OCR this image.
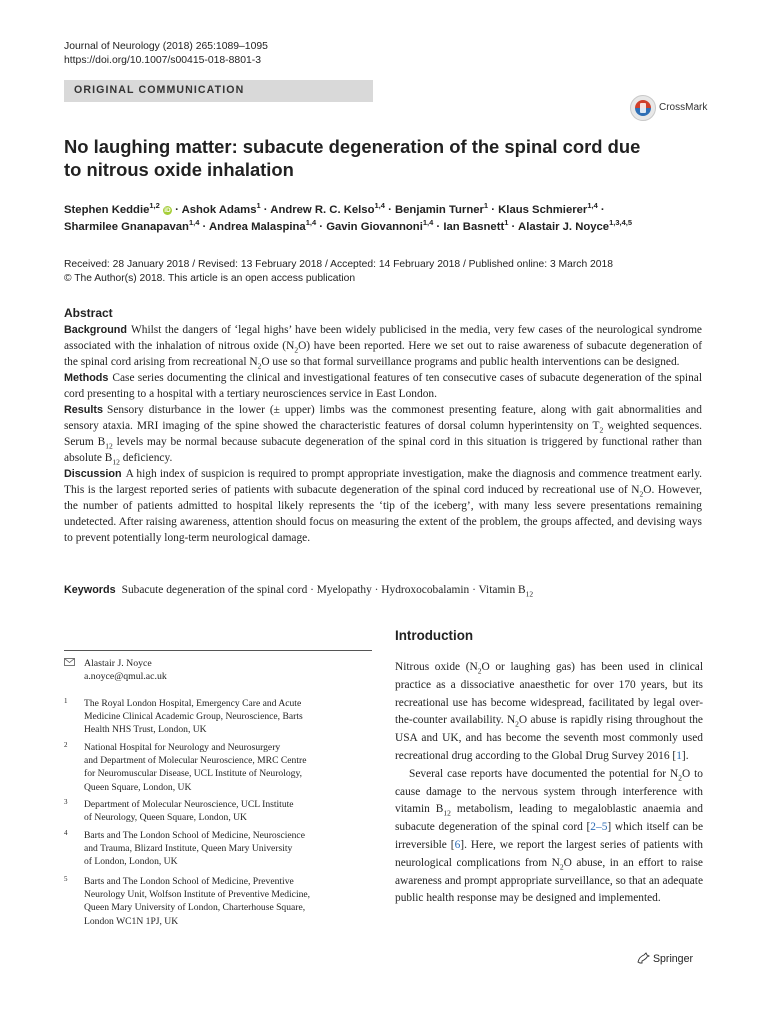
Journal of Neurology (2018) 265:1089–1095
https://doi.org/10.1007/s00415-018-8801-3
ORIGINAL COMMUNICATION
CrossMark
No laughing matter: subacute degeneration of the spinal cord due
to nitrous oxide inhalation
Stephen Keddie$^{1,2}$ iD · Ashok Adams$^1$ · Andrew R. C. Kelso$^{1,4}$ · Benjamin Turner$^1$ · Klaus Schmierer$^{1,4}$ ·
Sharmilee Gnanapavan$^{1,4}$ · Andrea Malaspina$^{1,4}$ · Gavin Giovannoni$^{1,4}$ · Ian Basnett$^1$ · Alastair J. Noyce$^{1,3,4,5}$
Received: 28 January 2018 / Revised: 13 February 2018 / Accepted: 14 February 2018 / Published online: 3 March 2018
© The Author(s) 2018. This article is an open access publication
Abstract

Background Whilst the dangers of ‘legal highs’ have been widely publicised in the media, very few cases of the neurological syndrome associated with the inhalation of nitrous oxide $(N_2O)$ have been reported. Here we set out to raise awareness of subacute degeneration of the spinal cord arising from recreational $N_2O$ use so that formal surveillance programs and public health interventions can be designed.

Methods Case series documenting the clinical and investigational features of ten consecutive cases of subacute degeneration of the spinal cord presenting to a hospital with a tertiary neurosciences service in East London.

Results Sensory disturbance in the lower (± upper) limbs was the commonest presenting feature, along with gait abnormalities and sensory ataxia. MRI imaging of the spine showed the characteristic features of dorsal column hyperintensity on $T_2$ weighted sequences. Serum $B_{12}$ levels may be normal because subacute degeneration of the spinal cord in this situation is triggered by functional rather than absolute $B_{12}$ deficiency.

Discussion A high index of suspicion is required to prompt appropriate investigation, make the diagnosis and commence treatment early. This is the largest reported series of patients with subacute degeneration of the spinal cord induced by recreational use of $N_2O$. However, the number of patients admitted to hospital likely represents the ‘tip of the iceberg’, with many less severe presentations remaining undetected. After raising awareness, attention should focus on measuring the extent of the problem, the groups affected, and devising ways to prevent potentially long-term neurological damage.

Keywords Subacute degeneration of the spinal cord · Myelopathy · Hydroxocobalamin · Vitamin $B_{12}$
Alastair J. Noyce
a.noyce@qmul.ac.uk
1 The Royal London Hospital, Emergency Care and Acute
Medicine Clinical Academic Group, Neuroscience, Barts
Health NHS Trust, London, UK
2 National Hospital for Neurology and Neurosurgery
and Department of Molecular Neuroscience, MRC Centre
for Neuromuscular Disease, UCL Institute of Neurology,
Queen Square, London, UK
3 Department of Molecular Neuroscience, UCL Institute
of Neurology, Queen Square, London, UK
4 Barts and The London School of Medicine, Neuroscience
and Trauma, Blizard Institute, Queen Mary University
of London, London, UK
5 Barts and The London School of Medicine, Preventive
Neurology Unit, Wolfson Institute of Preventive Medicine,
Queen Mary University of London, Charterhouse Square,
London WC1N 1PJ, UK
Introduction

Nitrous oxide ($N_2O$ or laughing gas) has been used in clinical practice as a dissociative anaesthetic for over 170 years, but its recreational use has become widespread, facilitated by legal over-the-counter availability. $N_2O$ abuse is rapidly rising throughout the USA and UK, and has become the seventh most commonly used recreational drug according to the Global Drug Survey 2016 [1].

Several case reports have documented the potential for $N_2O$ to cause damage to the nervous system through interference with vitamin $B_{12}$ metabolism, leading to megaloblastic anaemia and subacute degeneration of the spinal cord [2–5] which itself can be irreversible [6]. Here, we report the largest series of patients with neurological complications from $N_2O$ abuse, in an effort to raise awareness and prompt appropriate surveillance, so that an adequate public health response may be designed and implemented.

Springer
